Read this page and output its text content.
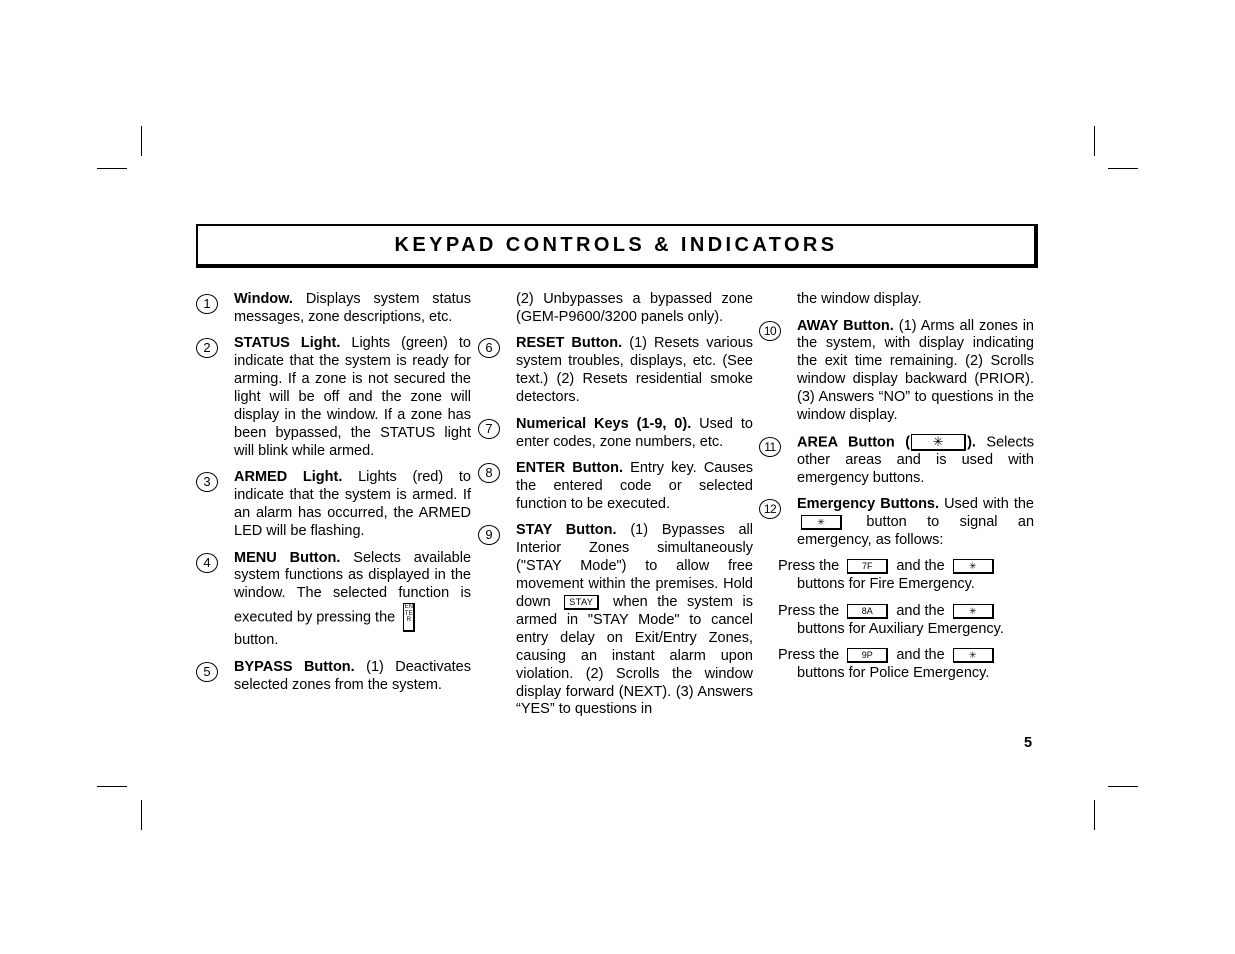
KEYPAD CONTROLS & INDICATORS

1	Window. Displays system status messages, zone descriptions, etc.

2	STATUS Light. Lights (green) to indicate that the system is ready for arming. If a zone is not secured the light will be off and the zone will display in the window. If a zone has been bypassed, the STATUS light will blink while armed.

3	ARMED Light. Lights (red) to indicate that the system is armed. If an alarm has occurred, the ARMED LED will be flashing.

4	MENU Button. Selects available system functions as displayed in the window. The selected function is executed by pressing the ENTER
button.

5	BYPASS Button. (1) Deactivates selected zones from the system.

(2) Unbypasses a bypassed zone (GEM-P9600/3200 panels only).

6	RESET Button. (1) Resets various system troubles, displays, etc. (See text.) (2) Resets residential smoke detectors.

7	Numerical Keys (1-9, 0). Used to enter codes, zone numbers, etc.

8	ENTER Button. Entry key. Causes the entered code or selected function to be executed.

9	STAY Button. (1) Bypasses all Interior Zones simultaneously ("STAY Mode") to allow free movement within the premises. Hold down STAY when the system is armed in "STAY Mode" to cancel entry delay on Exit/Entry Zones, causing an instant alarm upon violation. (2) Scrolls the window display forward (NEXT). (3) Answers “YES” to questions in

the window display.

10	AWAY Button. (1) Arms all zones in the system, with display indicating the exit time remaining. (2) Scrolls window display backward (PRIOR). (3) Answers “NO” to questions in the window display.

11	AREA Button ( ✳ ). Selects other areas and is used with emergency buttons.

12	Emergency Buttons. Used with the ✳	button to signal an emergency, as follows:

Press the	7F and the	✳
buttons for Fire Emergency.

Press the	8A and the	✳
buttons for Auxiliary Emergency.

Press the	9P and the	✳
buttons for Police Emergency.

5
